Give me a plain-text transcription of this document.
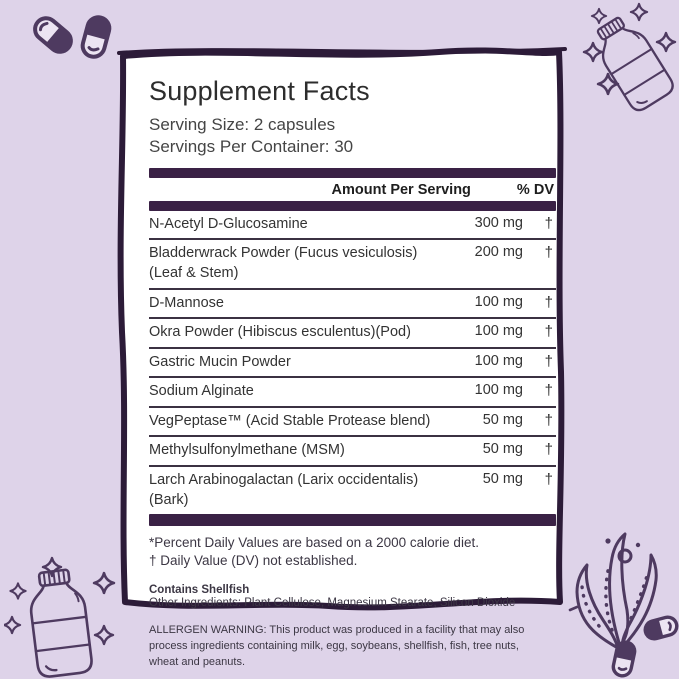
Supplement Facts
Serving Size: 2 capsules
Servings Per Container: 30
Amount Per Serving	% DV
N-Acetyl D-Glucosamine	300 mg	†
Bladderwrack Powder (Fucus vesiculosis)
(Leaf & Stem)
200 mg	†
D-Mannose	100 mg	†
Okra Powder (Hibiscus esculentus)(Pod)	100 mg	†
Gastric Mucin Powder	100 mg	†
Sodium Alginate	100 mg	†
VegPeptase™ (Acid Stable Protease blend)	50 mg	†
Methylsulfonylmethane (MSM)	50 mg	†
Larch Arabinogalactan (Larix occidentalis)
(Bark)
50 mg	†
*Percent Daily Values are based on a 2000 calorie diet.
† Daily Value (DV) not established.
Contains Shellfish
Other Ingredients: Plant Cellulose, Magnesium Stearate, Silicon Dioxide
ALLERGEN WARNING: This product was produced in a facility that may also process ingredients containing milk, egg, soybeans, shellfish, fish, tree nuts, wheat and peanuts.
